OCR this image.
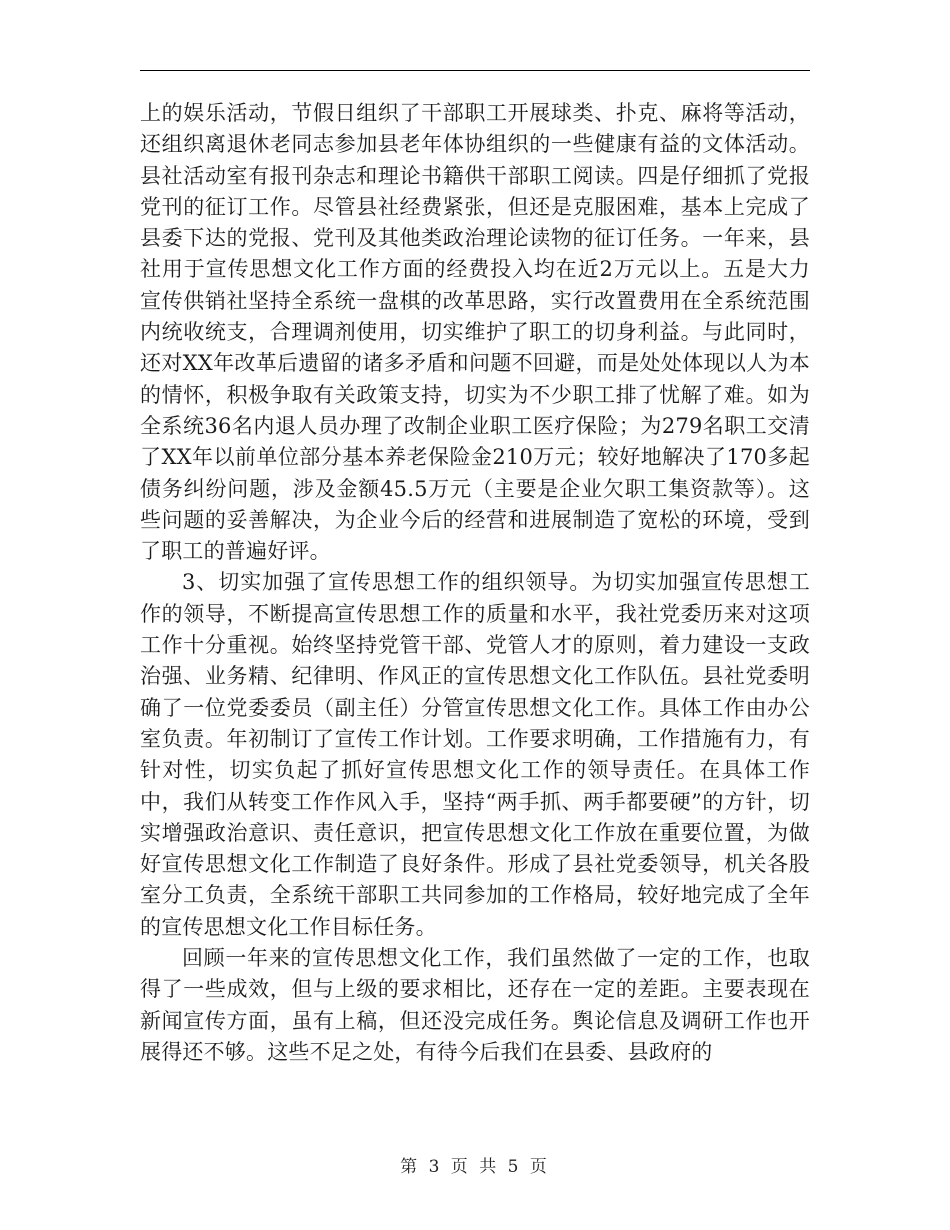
上的娱乐活动，节假日组织了干部职工开展球类、扑克、麻将等活动，还组织离退休老同志参加县老年体协组织的一些健康有益的文体活动。县社活动室有报刊杂志和理论书籍供干部职工阅读。四是仔细抓了党报党刊的征订工作。尽管县社经费紧张，但还是克服困难，基本上完成了县委下达的党报、党刊及其他类政治理论读物的征订任务。一年来，县社用于宣传思想文化工作方面的经费投入均在近2万元以上。五是大力宣传供销社坚持全系统一盘棋的改革思路，实行改置费用在全系统范围内统收统支，合理调剂使用，切实维护了职工的切身利益。与此同时，还对XX年改革后遗留的诸多矛盾和问题不回避，而是处处体现以人为本的情怀，积极争取有关政策支持，切实为不少职工排了忧解了难。如为全系统36名内退人员办理了改制企业职工医疗保险；为279名职工交清了XX年以前单位部分基本养老保险金210万元；较好地解决了170多起债务纠纷问题，涉及金额45.5万元（主要是企业欠职工集资款等）。这些问题的妥善解决，为企业今后的经营和进展制造了宽松的环境，受到了职工的普遍好评。

3、切实加强了宣传思想工作的组织领导。为切实加强宣传思想工作的领导，不断提高宣传思想工作的质量和水平，我社党委历来对这项工作十分重视。始终坚持党管干部、党管人才的原则，着力建设一支政治强、业务精、纪律明、作风正的宣传思想文化工作队伍。县社党委明确了一位党委委员（副主任）分管宣传思想文化工作。具体工作由办公室负责。年初制订了宣传工作计划。工作要求明确，工作措施有力，有针对性，切实负起了抓好宣传思想文化工作的领导责任。在具体工作中，我们从转变工作作风入手，坚持“两手抓、两手都要硬”的方针，切实增强政治意识、责任意识，把宣传思想文化工作放在重要位置，为做好宣传思想文化工作制造了良好条件。形成了县社党委领导，机关各股室分工负责，全系统干部职工共同参加的工作格局，较好地完成了全年的宣传思想文化工作目标任务。

回顾一年来的宣传思想文化工作，我们虽然做了一定的工作，也取得了一些成效，但与上级的要求相比，还存在一定的差距。主要表现在新闻宣传方面，虽有上稿，但还没完成任务。舆论信息及调研工作也开展得还不够。这些不足之处，有待今后我们在县委、县政府的

第 3 页 共 5 页
